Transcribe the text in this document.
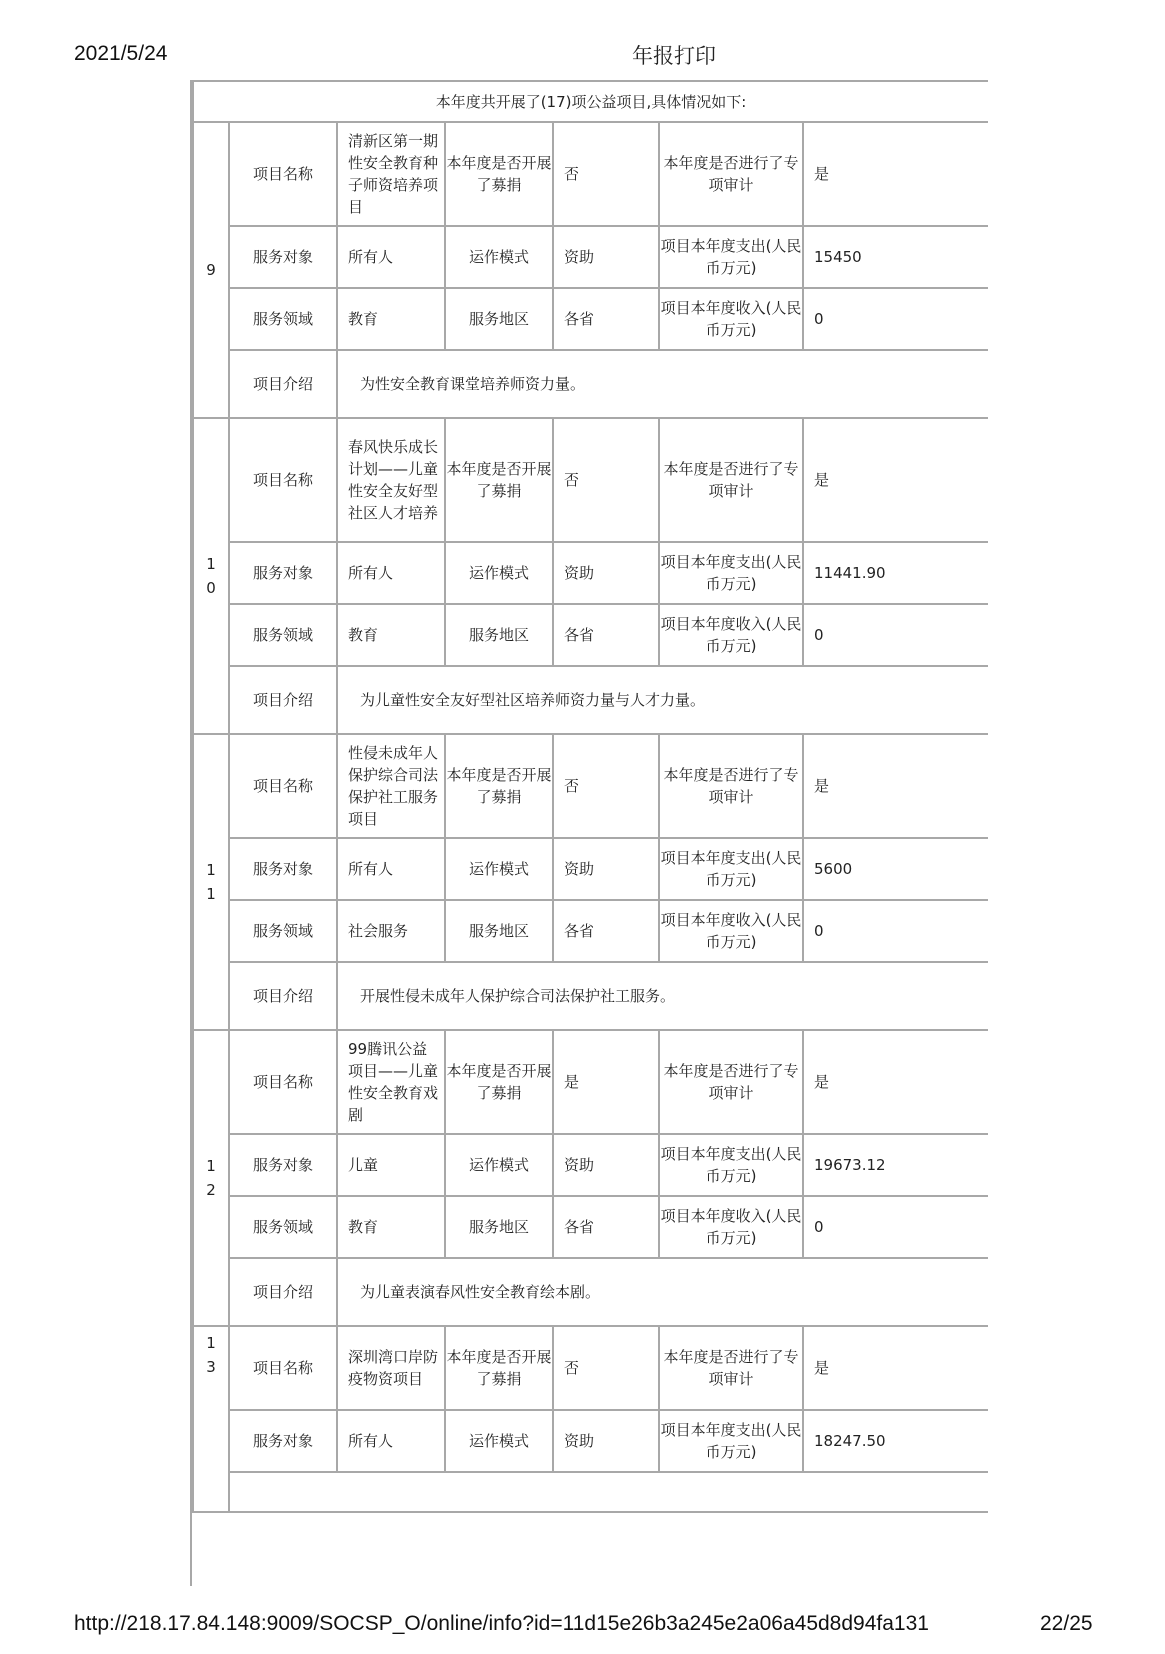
2021/5/24	年报打印
本年度共开展了(17)项公益项目,具体情况如下:						
9	项目名称	清新区第一期性安全教育种子师资培养项目	本年度是否开展了募捐	否	本年度是否进行了专项审计	是
	服务对象	所有人	运作模式	资助	项目本年度支出(人民币万元)	15450
	服务领域	教育	服务地区	各省	项目本年度收入(人民币万元)	0
	项目介绍	为性安全教育课堂培养师资力量。				
10	项目名称	春风快乐成长计划——儿童性安全友好型社区人才培养	本年度是否开展了募捐	否	本年度是否进行了专项审计	是
	服务对象	所有人	运作模式	资助	项目本年度支出(人民币万元)	11441.90
	服务领域	教育	服务地区	各省	项目本年度收入(人民币万元)	0
	项目介绍	为儿童性安全友好型社区培养师资力量与人才力量。				
11	项目名称	性侵未成年人保护综合司法保护社工服务项目	本年度是否开展了募捐	否	本年度是否进行了专项审计	是
	服务对象	所有人	运作模式	资助	项目本年度支出(人民币万元)	5600
	服务领域	社会服务	服务地区	各省	项目本年度收入(人民币万元)	0
	项目介绍	开展性侵未成年人保护综合司法保护社工服务。				
12	项目名称	99腾讯公益项目——儿童性安全教育戏剧	本年度是否开展了募捐	是	本年度是否进行了专项审计	是
	服务对象	儿童	运作模式	资助	项目本年度支出(人民币万元)	19673.12
	服务领域	教育	服务地区	各省	项目本年度收入(人民币万元)	0
	项目介绍	为儿童表演春风性安全教育绘本剧。				
13	项目名称	深圳湾口岸防疫物资项目	本年度是否开展了募捐	否	本年度是否进行了专项审计	是
	服务对象	所有人	运作模式	资助	项目本年度支出(人民币万元)	18247.50

http://218.17.84.148:9009/SOCSP_O/online/info?id=11d15e26b3a245e2a06a45d8d94fa131	22/25
